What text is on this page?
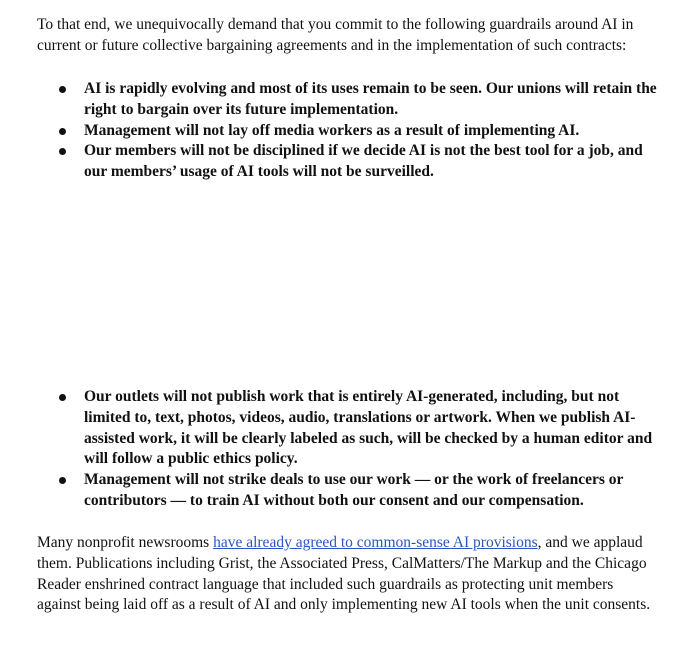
To that end, we unequivocally demand that you commit to the following guardrails around AI in current or future collective bargaining agreements and in the implementation of such contracts:

AI is rapidly evolving and most of its uses remain to be seen. Our unions will retain the right to bargain over its future implementation.
Management will not lay off media workers as a result of implementing AI.
Our members will not be disciplined if we decide AI is not the best tool for a job, and our members’ usage of AI tools will not be surveilled.
Our outlets will not publish work that is entirely AI-generated, including, but not limited to, text, photos, videos, audio, translations or artwork. When we publish AI-assisted work, it will be clearly labeled as such, will be checked by a human editor and will follow a public ethics policy.
Management will not strike deals to use our work — or the work of freelancers or contributors — to train AI without both our consent and our compensation.

Many nonprofit newsrooms have already agreed to common-sense AI provisions, and we applaud them. Publications including Grist, the Associated Press, CalMatters/The Markup and the Chicago Reader enshrined contract language that included such guardrails as protecting unit members against being laid off as a result of AI and only implementing new AI tools when the unit consents.
